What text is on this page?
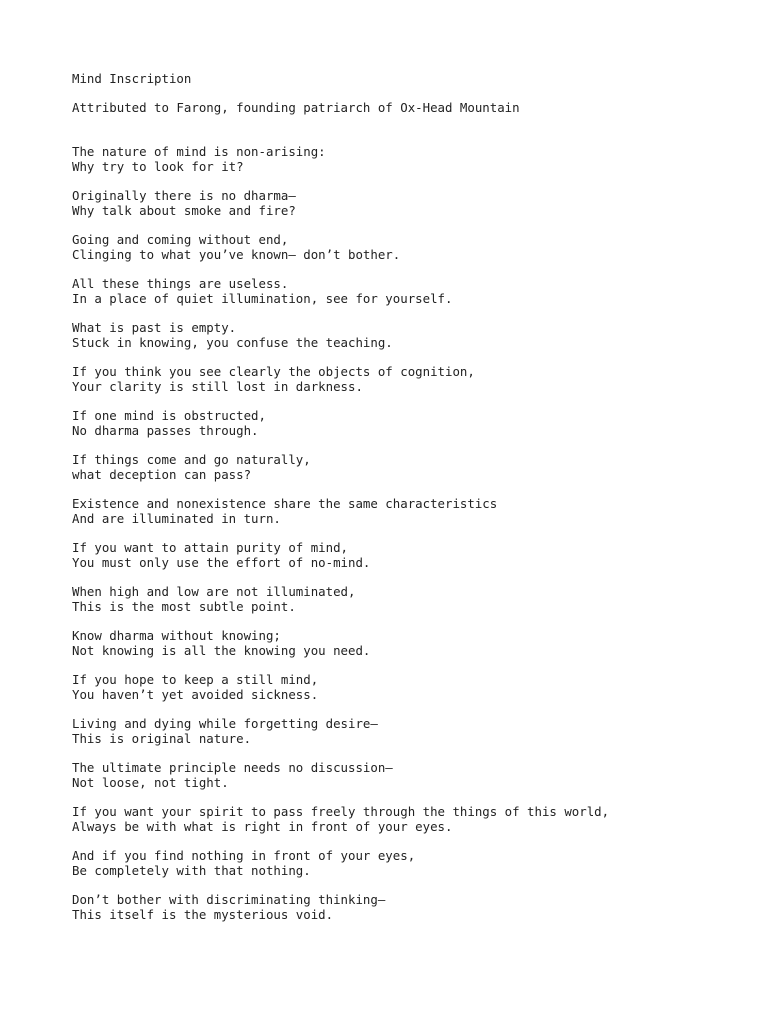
Mind Inscription
Attributed to Farong, founding patriarch of Ox-Head Mountain
The nature of mind is non-arising:
Why try to look for it?
Originally there is no dharma—
Why talk about smoke and fire?
Going and coming without end,
Clinging to what you’ve known— don’t bother.
All these things are useless.
In a place of quiet illumination, see for yourself.
What is past is empty.
Stuck in knowing, you confuse the teaching.
If you think you see clearly the objects of cognition,
Your clarity is still lost in darkness.
If one mind is obstructed,
No dharma passes through.
If things come and go naturally,
what deception can pass?
Existence and nonexistence share the same characteristics
And are illuminated in turn.
If you want to attain purity of mind,
You must only use the effort of no-mind.
When high and low are not illuminated,
This is the most subtle point.
Know dharma without knowing;
Not knowing is all the knowing you need.
If you hope to keep a still mind,
You haven’t yet avoided sickness.
Living and dying while forgetting desire—
This is original nature.
The ultimate principle needs no discussion—
Not loose, not tight.
If you want your spirit to pass freely through the things of this world,
Always be with what is right in front of your eyes.
And if you find nothing in front of your eyes,
Be completely with that nothing.
Don’t bother with discriminating thinking—
This itself is the mysterious void.
